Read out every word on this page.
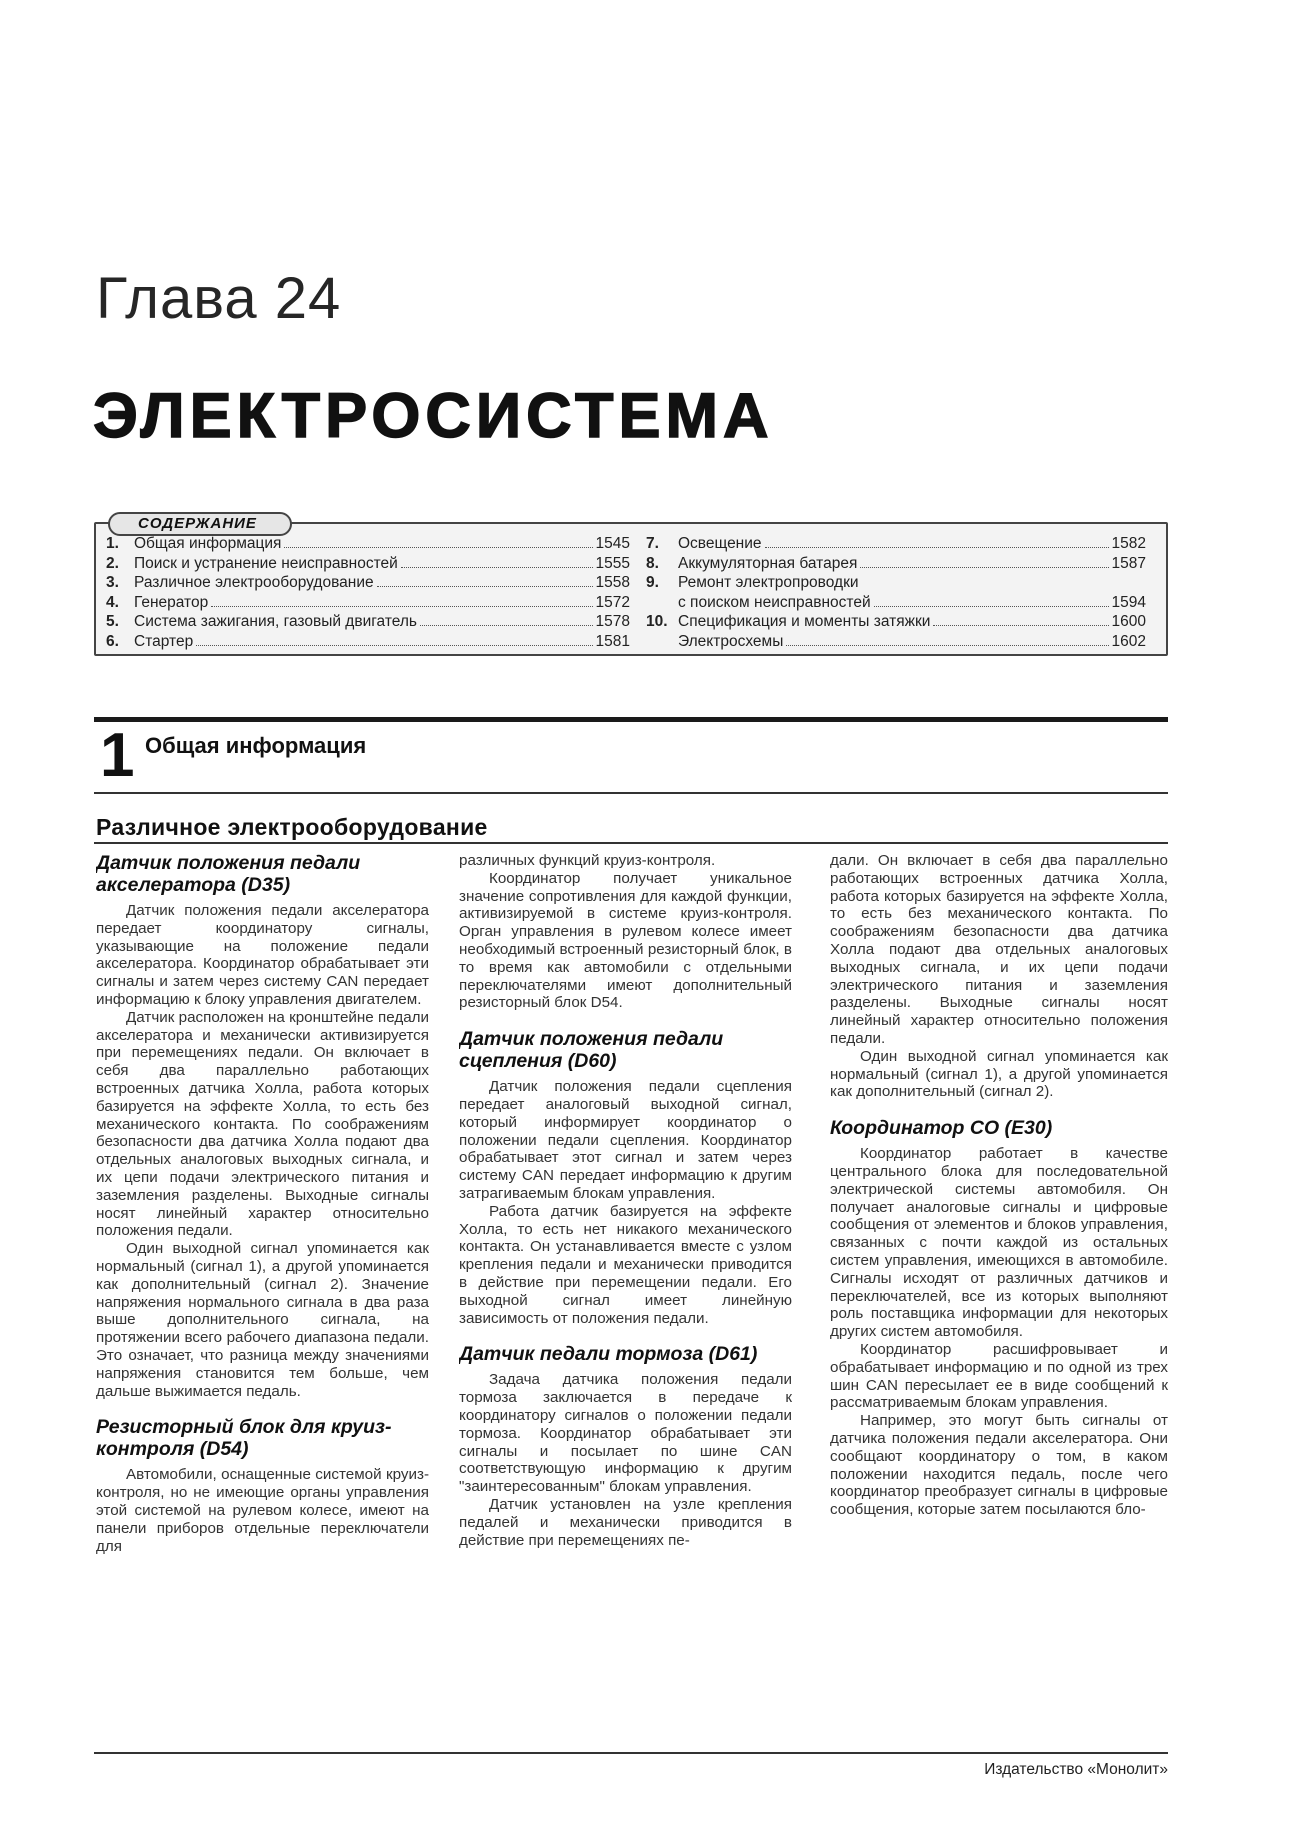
Глава 24
ЭЛЕКТРОСИСТЕМА
СОДЕРЖАНИЕ
1. Общая информация	1545
2. Поиск и устранение неисправностей	1555
3. Различное электрооборудование	1558
4. Генератор	1572
5. Система зажигания, газовый двигатель	1578
6. Стартер	1581
7.	Освещение	1582
8.	Аккумуляторная батарея	1587
9.	Ремонт электропроводки
с поиском неисправностей	1594
10. Спецификация и моменты затяжки	1600
Электросхемы	1602
1 Общая информация
Различное электрооборудование
Датчик положения педали акселератора (D35)

Датчик положения педали акселератора передает координатору сигналы, указывающие на положение педали акселератора. Координатор обрабатывает эти сигналы и затем через систему CAN передает информацию к блоку управления двигателем.

Датчик расположен на кронштейне педали акселератора и механически активизируется при перемещениях педали. Он включает в себя два параллельно работающих встроенных датчика Холла, работа которых базируется на эффекте Холла, то есть без механического контакта. По соображениям безопасности два датчика Холла подают два отдельных аналоговых выходных сигнала, и их цепи подачи электрического питания и заземления разделены. Выходные сигналы носят линейный характер относительно положения педали.

Один выходной сигнал упоминается как нормальный (сигнал 1), а другой упоминается как дополнительный (сигнал 2). Значение напряжения нормального сигнала в два раза выше дополнительного сигнала, на протяжении всего рабочего диапазона педали. Это означает, что разница между значениями напряжения становится тем больше, чем дальше выжимается педаль.

Резисторный блок для круиз-контроля (D54)

Автомобили, оснащенные системой круиз-контроля, но не имеющие органы управления этой системой на рулевом колесе, имеют на панели приборов отдельные переключатели для

различных функций круиз-контроля.

Координатор получает уникальное значение сопротивления для каждой функции, активизируемой в системе круиз-контроля. Орган управления в рулевом колесе имеет необходимый встроенный резисторный блок, в то время как автомобили с отдельными переключателями имеют дополнительный резисторный блок D54.

Датчик положения педали сцепления (D60)

Датчик положения педали сцепления передает аналоговый выходной сигнал, который информирует координатор о положении педали сцепления. Координатор обрабатывает этот сигнал и затем через систему CAN передает информацию к другим затрагиваемым блокам управления.

Работа датчик базируется на эффекте Холла, то есть нет никакого механического контакта. Он устанавливается вместе с узлом крепления педали и механически приводится в действие при перемещении педали. Его выходной сигнал имеет линейную зависимость от положения педали.

Датчик педали тормоза (D61)

Задача датчика положения педали тормоза заключается в передаче к координатору сигналов о положении педали тормоза. Координатор обрабатывает эти сигналы и посылает по шине CAN соответствующую информацию к другим "заинтересованным" блокам управления.

Датчик установлен на узле крепления педалей и механически приводится в действие при перемещениях пе-

дали. Он включает в себя два параллельно работающих встроенных датчика Холла, работа которых базируется на эффекте Холла, то есть без механического контакта. По соображениям безопасности два датчика Холла подают два отдельных аналоговых выходных сигнала, и их цепи подачи электрического питания и заземления разделены. Выходные сигналы носят линейный характер относительно положения педали.

Один выходной сигнал упоминается как нормальный (сигнал 1), а другой упоминается как дополнительный (сигнал 2).

Координатор CO (E30)

Координатор работает в качестве центрального блока для последовательной электрической системы автомобиля. Он получает аналоговые сигналы и цифровые сообщения от элементов и блоков управления, связанных с почти каждой из остальных систем управления, имеющихся в автомобиле. Сигналы исходят от различных датчиков и переключателей, все из которых выполняют роль поставщика информации для некоторых других систем автомобиля.

Координатор расшифровывает и обрабатывает информацию и по одной из трех шин CAN пересылает ее в виде сообщений к рассматриваемым блокам управления.

Например, это могут быть сигналы от датчика положения педали акселератора. Они сообщают координатору о том, в каком положении находится педаль, после чего координатор преобразует сигналы в цифровые сообщения, которые затем посылаются бло-

Издательство «Монолит»
